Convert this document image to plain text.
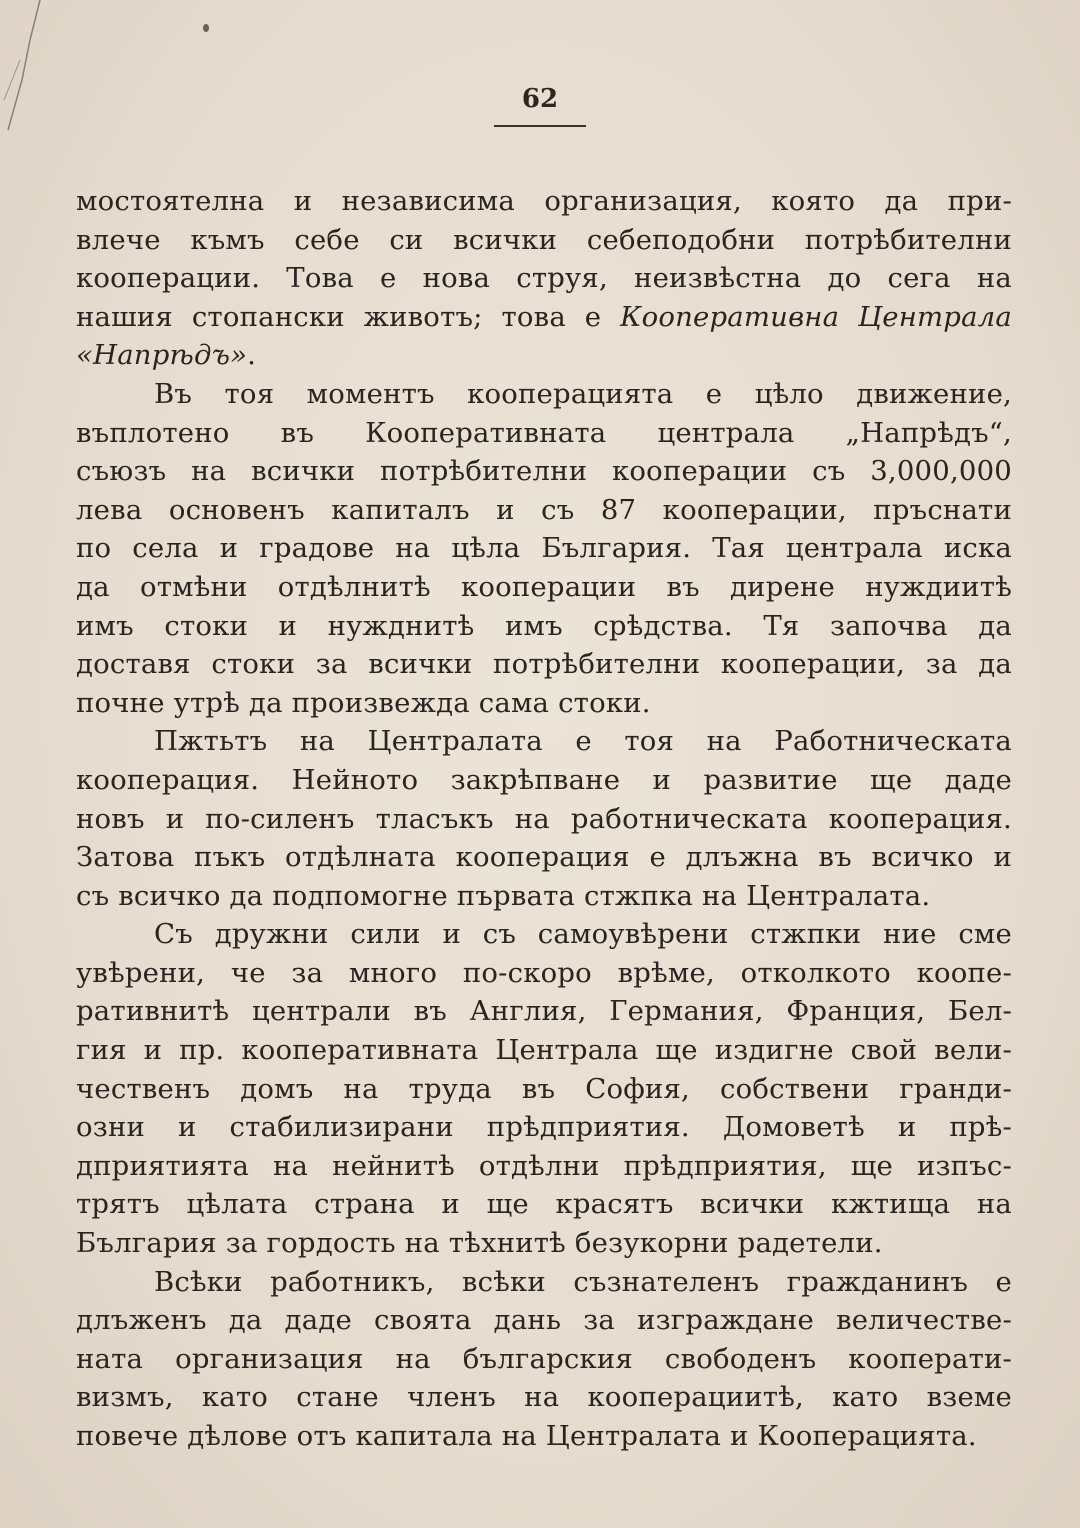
62
мостоятелна и независима организация, която да при-
влече къмъ себе си всички себеподобни потрѣбителни
кооперации. Това е нова струя, неизвѣстна до сега на
нашия стопански животъ; това е Кооперативна Централа
«Напрѣдъ».
Въ тоя моментъ кооперацията е цѣло движение,
въплотено въ Кооперативната централа „Напрѣдъ“,
съюзъ на всички потрѣбителни кооперации съ 3,000,000
лева основенъ капиталъ и съ 87 кооперации, пръснати
по села и градове на цѣла България. Тая централа иска
да отмѣни отдѣлнитѣ кооперации въ дирене нуждиитѣ
имъ стоки и нужднитѣ имъ срѣдства. Тя започва да
доставя стоки за всички потрѣбителни кооперации, за да
почне утрѣ да произвежда сама стоки.
Пжтьтъ на Централата е тоя на Работническата
кооперация. Нейното закрѣпване и развитие ще даде
новъ и по-силенъ тласъкъ на работническата кооперация.
Затова пъкъ отдѣлната кооперация е длъжна въ всичко и
съ всичко да подпомогне първата стжпка на Централата.
Съ дружни сили и съ самоувѣрени стжпки ние сме
увѣрени, че за много по-скоро врѣме, отколкото коопе-
ративнитѣ централи въ Англия, Германия, Франция, Бел-
гия и пр. кооперативната Централа ще издигне свой вели-
чественъ домъ на труда въ София, собствени гранди-
озни и стабилизирани прѣдприятия. Домоветѣ и прѣ-
дприятията на нейнитѣ отдѣлни прѣдприятия, ще изпъс-
трятъ цѣлата страна и ще красятъ всички кжтища на
България за гордость на тѣхнитѣ безукорни радетели.
Всѣки работникъ, всѣки съзнателенъ гражданинъ е
длъженъ да даде своята дань за изграждане величестве-
ната организация на българския свободенъ кооперати-
визмъ, като стане членъ на кооперациитѣ, като вземе
повече дѣлове отъ капитала на Централата и Кооперацията.
